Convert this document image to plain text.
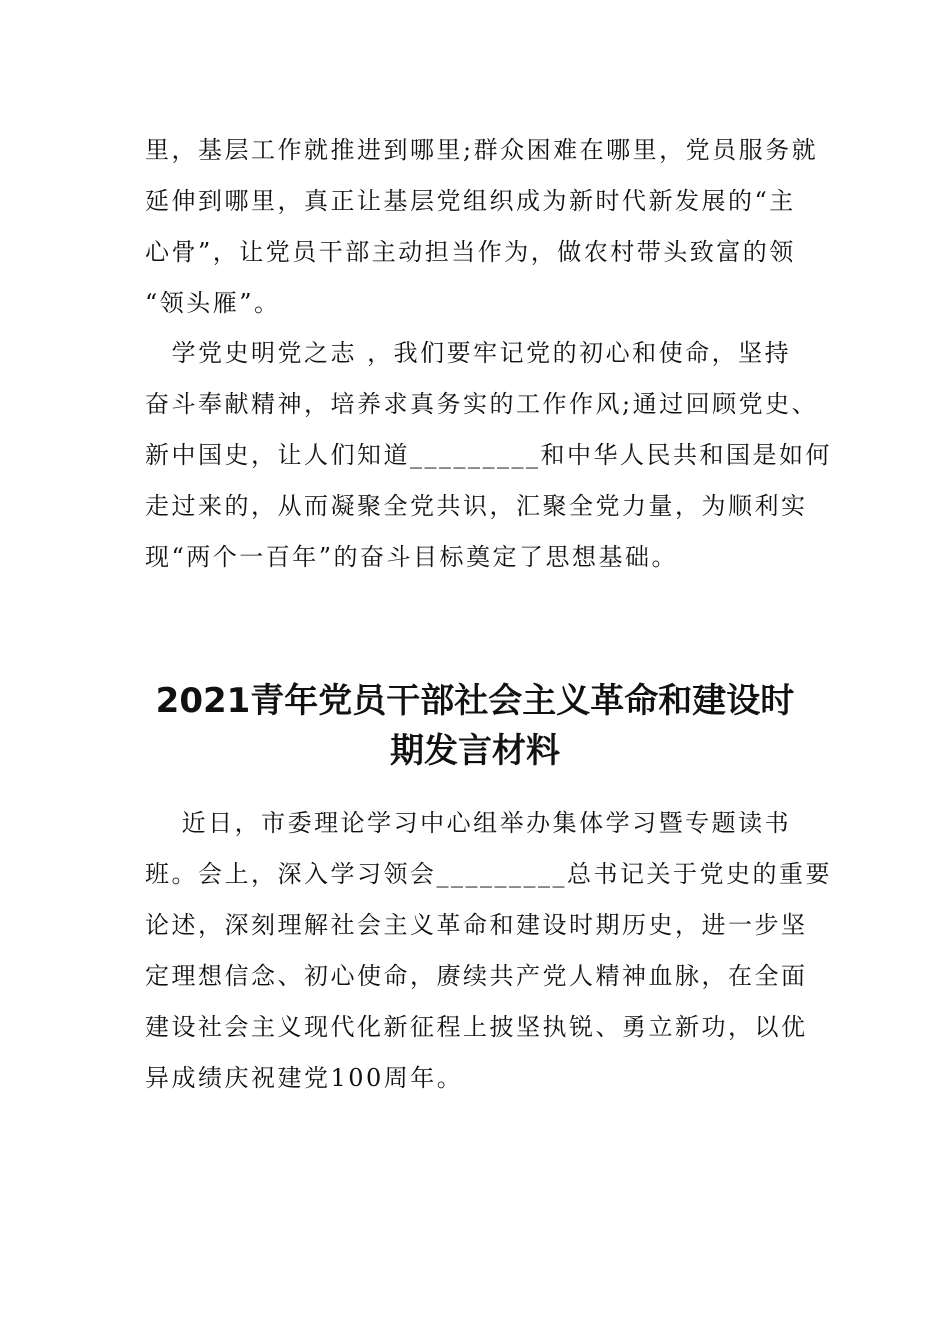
里，基层工作就推进到哪里;群众困难在哪里，党员服务就
延伸到哪里，真正让基层党组织成为新时代新发展的“主
心骨”，让党员干部主动担当作为，做农村带头致富的领
“领头雁”。
　学党史明党之志 ，我们要牢记党的初心和使命，坚持
奋斗奉献精神，培养求真务实的工作作风;通过回顾党史、
新中国史，让人们知道_________和中华人民共和国是如何
走过来的，从而凝聚全党共识，汇聚全党力量，为顺利实
现“两个一百年”的奋斗目标奠定了思想基础。
2021青年党员干部社会主义革命和建设时
期发言材料
　 近日，市委理论学习中心组举办集体学习暨专题读书
班。会上，深入学习领会_________总书记关于党史的重要
论述，深刻理解社会主义革命和建设时期历史，进一步坚
定理想信念、初心使命，赓续共产党人精神血脉，在全面
建设社会主义现代化新征程上披坚执锐、勇立新功，以优
异成绩庆祝建党100周年。
